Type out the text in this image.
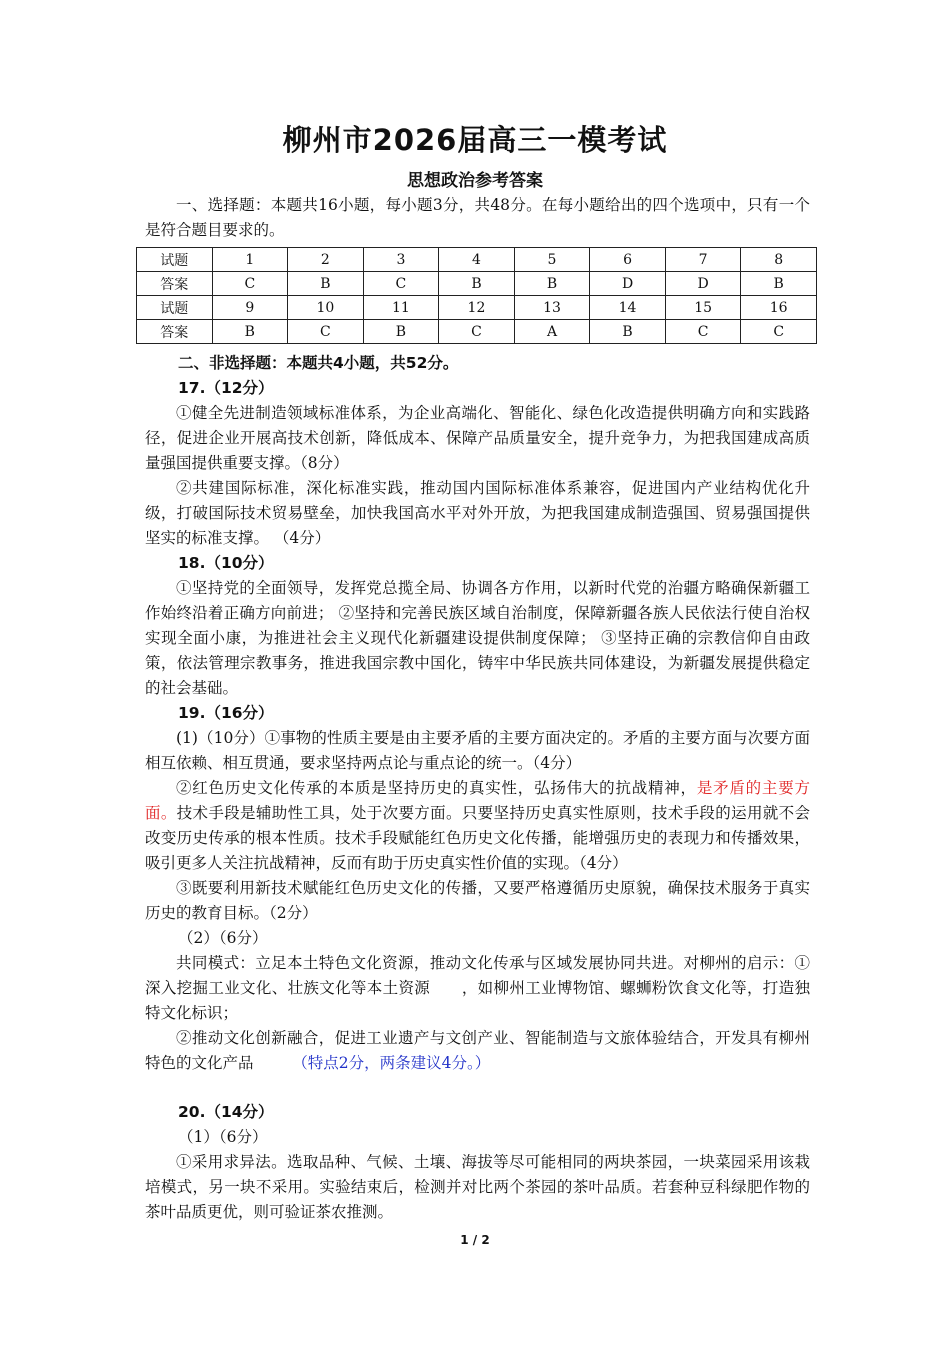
柳州市2026届高三一模考试
思想政治参考答案

一、选择题：本题共16小题，每小题3分，共48分。在每小题给出的四个选项中，只有一个是符合题目要求的。

试题	1	2	3	4	5	6	7	8
答案	C	B	C	B	B	D	D	B
试题	9	10	11	12	13	14	15	16
答案	B	C	B	C	A	B	C	C

二、非选择题：本题共4小题，共52分。

17.（12分）

①健全先进制造领域标准体系，为企业高端化、智能化、绿色化改造提供明确方向和实践路径，促进企业开展高技术创新，降低成本、保障产品质量安全，提升竞争力，为把我国建成高质量强国提供重要支撑。（8分）

②共建国际标准，深化标准实践，推动国内国际标准体系兼容，促进国内产业结构优化升级，打破国际技术贸易壁垒，加快我国高水平对外开放，为把我国建成制造强国、贸易强国提供坚实的标准支撑。 （4分）

18.（10分）

①坚持党的全面领导，发挥党总揽全局、协调各方作用，以新时代党的治疆方略确保新疆工作始终沿着正确方向前进； ②坚持和完善民族区域自治制度，保障新疆各族人民依法行使自治权实现全面小康，为推进社会主义现代化新疆建设提供制度保障； ③坚持正确的宗教信仰自由政策，依法管理宗教事务，推进我国宗教中国化，铸牢中华民族共同体建设，为新疆发展提供稳定的社会基础。

19.（16分）

(1)（10分）①事物的性质主要是由主要矛盾的主要方面决定的。矛盾的主要方面与次要方面相互依赖、相互贯通，要求坚持两点论与重点论的统一。（4分）

②红色历史文化传承的本质是坚持历史的真实性，弘扬伟大的抗战精神，是矛盾的主要方面。技术手段是辅助性工具，处于次要方面。只要坚持历史真实性原则，技术手段的运用就不会改变历史传承的根本性质。技术手段赋能红色历史文化传播，能增强历史的表现力和传播效果，吸引更多人关注抗战精神，反而有助于历史真实性价值的实现。（4分）

③既要利用新技术赋能红色历史文化的传播，又要严格遵循历史原貌，确保技术服务于真实历史的教育目标。（2分）

（2）（6分）

共同模式：立足本土特色文化资源，推动文化传承与区域发展协同共进。对柳州的启示：①深入挖掘工业文化、壮族文化等本土资源　　，如柳州工业博物馆、螺蛳粉饮食文化等，打造独特文化标识；

②推动文化创新融合，促进工业遗产与文创产业、智能制造与文旅体验结合，开发具有柳州特色的文化产品　　　	（特点2分，两条建议4分。）

20.（14分）

（1）（6分）

①采用求异法。选取品种、气候、土壤、海拔等尽可能相同的两块茶园，一块菜园采用该栽培模式，另一块不采用。实验结束后，检测并对比两个茶园的茶叶品质。若套种豆科绿肥作物的茶叶品质更优，则可验证茶农推测。

1 / 2
